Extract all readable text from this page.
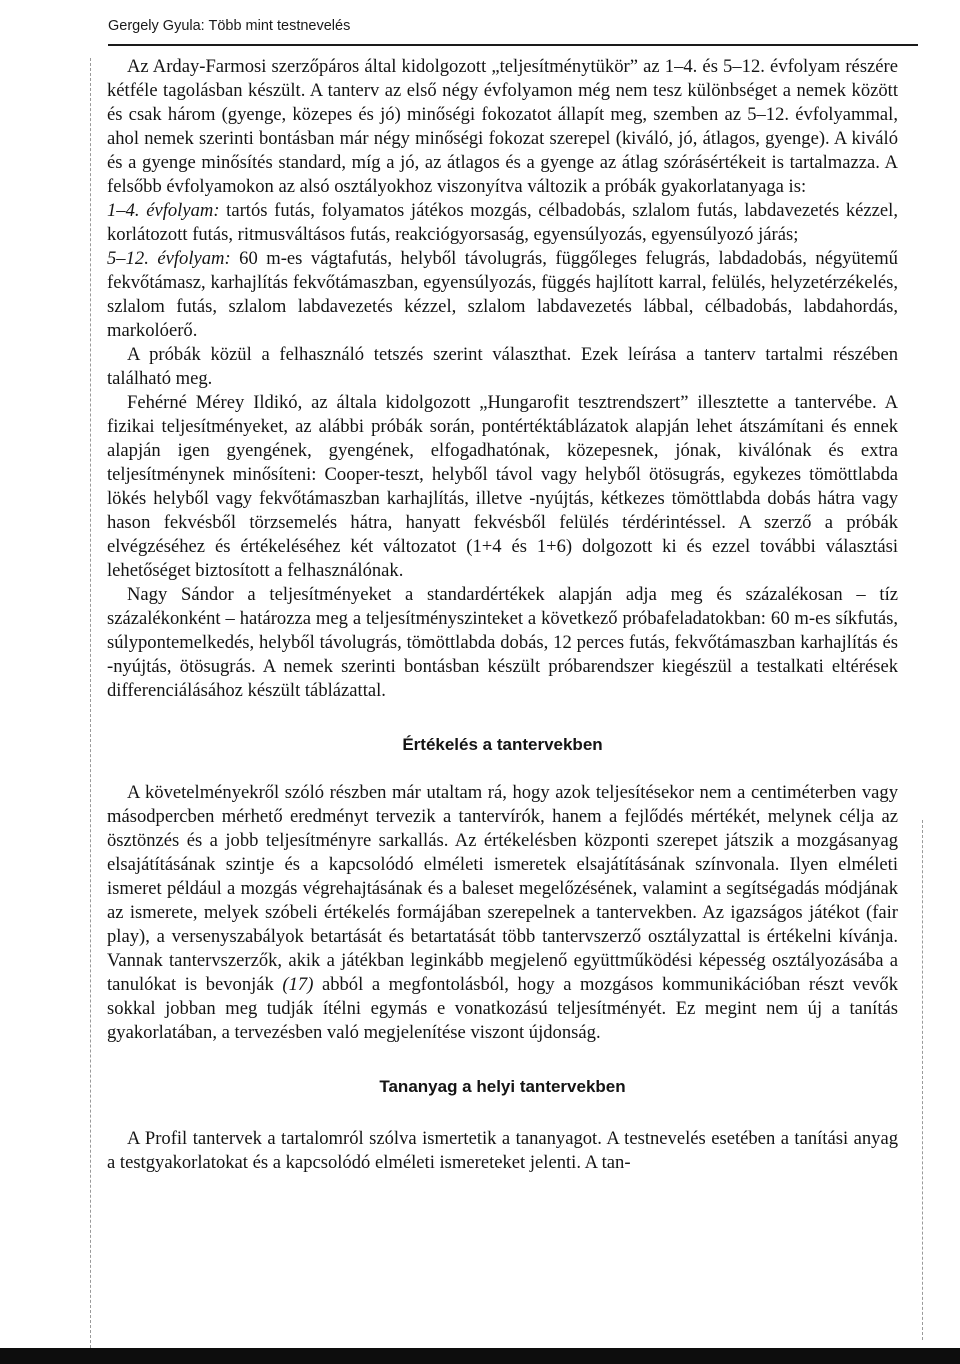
Gergely Gyula: Több mint testnevelés

Az Arday-Farmosi szerzőpáros által kidolgozott „teljesítménytükör” az 1–4. és 5–12. évfolyam részére kétféle tagolásban készült. A tanterv az első négy évfolyamon még nem tesz különbséget a nemek között és csak három (gyenge, közepes és jó) minőségi fokozatot állapít meg, szemben az 5–12. évfolyammal, ahol nemek szerinti bontásban már négy minőségi fokozat szerepel (kiváló, jó, átlagos, gyenge). A kiváló és a gyenge minősítés standard, míg a jó, az átlagos és a gyenge az átlag szórásértékeit is tartalmazza. A felsőbb évfolyamokon az alsó osztályokhoz viszonyítva változik a próbák gyakorlatanyaga is:

1–4. évfolyam: tartós futás, folyamatos játékos mozgás, célbadobás, szlalom futás, labdavezetés kézzel, korlátozott futás, ritmusváltásos futás, reakciógyorsaság, egyensúlyozás, egyensúlyozó járás;

5–12. évfolyam: 60 m-es vágtafutás, helyből távolugrás, függőleges felugrás, labdadobás, négyütemű fekvőtámasz, karhajlítás fekvőtámaszban, egyensúlyozás, függés hajlított karral, felülés, helyzetérzékelés, szlalom futás, szlalom labdavezetés kézzel, szlalom labdavezetés lábbal, célbadobás, labdahordás, markolóerő.

A próbák közül a felhasználó tetszés szerint választhat. Ezek leírása a tanterv tartalmi részében található meg.

Fehérné Mérey Ildikó, az általa kidolgozott „Hungarofit tesztrendszert” illesztette a tantervébe. A fizikai teljesítményeket, az alábbi próbák során, pontértéktáblázatok alapján lehet átszámítani és ennek alapján igen gyengének, gyengének, elfogadhatónak, közepesnek, jónak, kiválónak és extra teljesítménynek minősíteni: Cooper-teszt, helyből távol vagy helyből ötösugrás, egykezes tömöttlabda lökés helyből vagy fekvőtámaszban karhajlítás, illetve -nyújtás, kétkezes tömöttlabda dobás hátra vagy hason fekvésből törzsemelés hátra, hanyatt fekvésből felülés térdérintéssel. A szerző a próbák elvégzéséhez és értékeléséhez két változatot (1+4 és 1+6) dolgozott ki és ezzel további választási lehetőséget biztosított a felhasználónak.

Nagy Sándor a teljesítményeket a standardértékek alapján adja meg és százalékosan – tíz százalékonként – határozza meg a teljesítményszinteket a következő próbafeladatokban: 60 m-es síkfutás, súlypontemelkedés, helyből távolugrás, tömöttlabda dobás, 12 perces futás, fekvőtámaszban karhajlítás és -nyújtás, ötösugrás. A nemek szerinti bontásban készült próbarendszer kiegészül a testalkati eltérések differenciálásához készült táblázattal.

Értékelés a tantervekben

A követelményekről szóló részben már utaltam rá, hogy azok teljesítésekor nem a centiméterben vagy másodpercben mérhető eredményt tervezik a tantervírók, hanem a fejlődés mértékét, melynek célja az ösztönzés és a jobb teljesítményre sarkallás. Az értékelésben központi szerepet játszik a mozgásanyag elsajátításának szintje és a kapcsolódó elméleti ismeretek elsajátításának színvonala. Ilyen elméleti ismeret például a mozgás végrehajtásának és a baleset megelőzésének, valamint a segítségadás módjának az ismerete, melyek szóbeli értékelés formájában szerepelnek a tantervekben. Az igazságos játékot (fair play), a versenyszabályok betartását és betartatását több tantervszerző osztályzattal is értékelni kívánja. Vannak tantervszerzők, akik a játékban leginkább megjelenő együttműködési képesség osztályozásába a tanulókat is bevonják (17) abból a megfontolásból, hogy a mozgásos kommunikációban részt vevők sokkal jobban meg tudják ítélni egymás e vonatkozású teljesítményét. Ez megint nem új a tanítás gyakorlatában, a tervezésben való megjelenítése viszont újdonság.

Tananyag a helyi tantervekben

A Profil tantervek a tartalomról szólva ismertetik a tananyagot. A testnevelés esetében a tanítási anyag a testgyakorlatokat és a kapcsolódó elméleti ismereteket jelenti. A tan-
